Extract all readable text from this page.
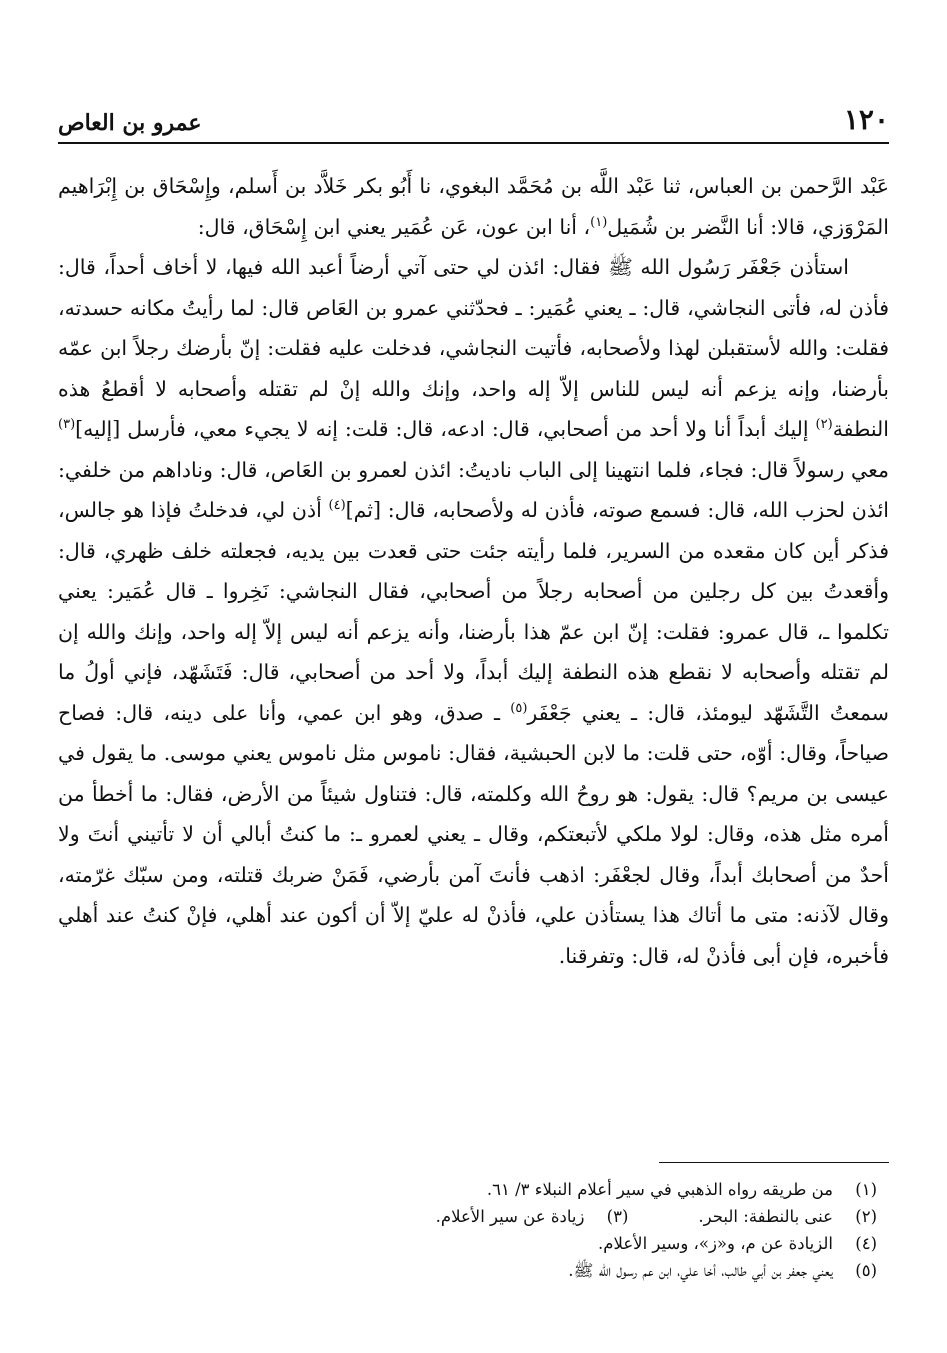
١٢٠
عمرو بن العاص

عَبْد الرَّحمن بن العباس، ثنا عَبْد اللَّه بن مُحَمَّد البغوي، نا أَبُو بكر خَلاَّد بن أَسلم، وإِسْحَاق بن إِبْرَاهيم المَرْوَزي، قالا: أنا النَّضر بن شُمَيل$^{(١)}$، أنا ابن عون، عَن عُمَير يعني ابن إِسْحَاق، قال:

استأذن جَعْفَر رَسُول الله ﷺ فقال: ائذن لي حتى آتي أرضاً أعبد الله فيها، لا أخاف أحداً، قال: فأذن له، فأتى النجاشي، قال: ـ يعني عُمَير: ـ فحدّثني عمرو بن العَاص قال: لما رأيتُ مكانه حسدته، فقلت: والله لأستقبلن لهذا ولأصحابه، فأتيت النجاشي، فدخلت عليه فقلت: إنّ بأرضك رجلاً ابن عمّه بأرضنا، وإنه يزعم أنه ليس للناس إلاّ إله واحد، وإنك والله إنْ لم تقتله وأصحابه لا أقطعُ هذه النطفة$^{(٢)}$ إليك أبداً أنا ولا أحد من أصحابي، قال: ادعه، قال: قلت: إنه لا يجيء معي، فأرسل [إليه]$^{(٣)}$ معي رسولاً قال: فجاء، فلما انتهينا إلى الباب ناديتُ: ائذن لعمرو بن العَاص، قال: وناداهم من خلفي: ائذن لحزب الله، قال: فسمع صوته، فأذن له ولأصحابه، قال: [ثم]$^{(٤)}$ أذن لي، فدخلتُ فإذا هو جالس، فذكر أين كان مقعده من السرير، فلما رأيته جئت حتى قعدت بين يديه، فجعلته خلف ظهري، قال: وأقعدتُ بين كل رجلين من أصحابه رجلاً من أصحابي، فقال النجاشي: نَخِروا ـ قال عُمَير: يعني تكلموا ـ، قال عمرو: فقلت: إنّ ابن عمّ هذا بأرضنا، وأنه يزعم أنه ليس إلاّ إله واحد، وإنك والله إن لم تقتله وأصحابه لا نقطع هذه النطفة إليك أبداً، ولا أحد من أصحابي، قال: فَتَشَهّد، فإني أولُ ما سمعتُ التَّشَهّد ليومئذ، قال: ـ يعني جَعْفَر$^{(٥)}$ ـ صدق، وهو ابن عمي، وأنا على دينه، قال: فصاح صياحاً، وقال: أوّه، حتى قلت: ما لابن الحبشية، فقال: ناموس مثل ناموس يعني موسى. ما يقول في عيسى بن مريم؟ قال: يقول: هو روحُ الله وكلمته، قال: فتناول شيئاً من الأرض، فقال: ما أخطأ من أمره مثل هذه، وقال: لولا ملكي لأتبعتكم، وقال ـ يعني لعمرو ـ: ما كنتُ أبالي أن لا تأتيني أنتَ ولا أحدٌ من أصحابك أبداً، وقال لجعْفَر: اذهب فأنتَ آمن بأرضي، فَمَنْ ضربك قتلته، ومن سبّك غرّمته، وقال لآذنه: متى ما أتاك هذا يستأذن علي، فأذنْ له عليّ إلاّ أن أكون عند أهلي، فإنْ كنتُ عند أهلي فأخبره، فإن أبى فأذنْ له، قال: وتفرقنا.

(١)
من طريقه رواه الذهبي في سير أعلام النبلاء ٣/ ٦١.
(٢)
عنى بالنطفة: البحر.
(٣)
زيادة عن سير الأعلام.
(٤)
الزيادة عن م، و«ز»، وسير الأعلام.
(٥)
يعني جعفر بن أبي طالب، أخا علي، ابن عم رسول الله ﷺ.
